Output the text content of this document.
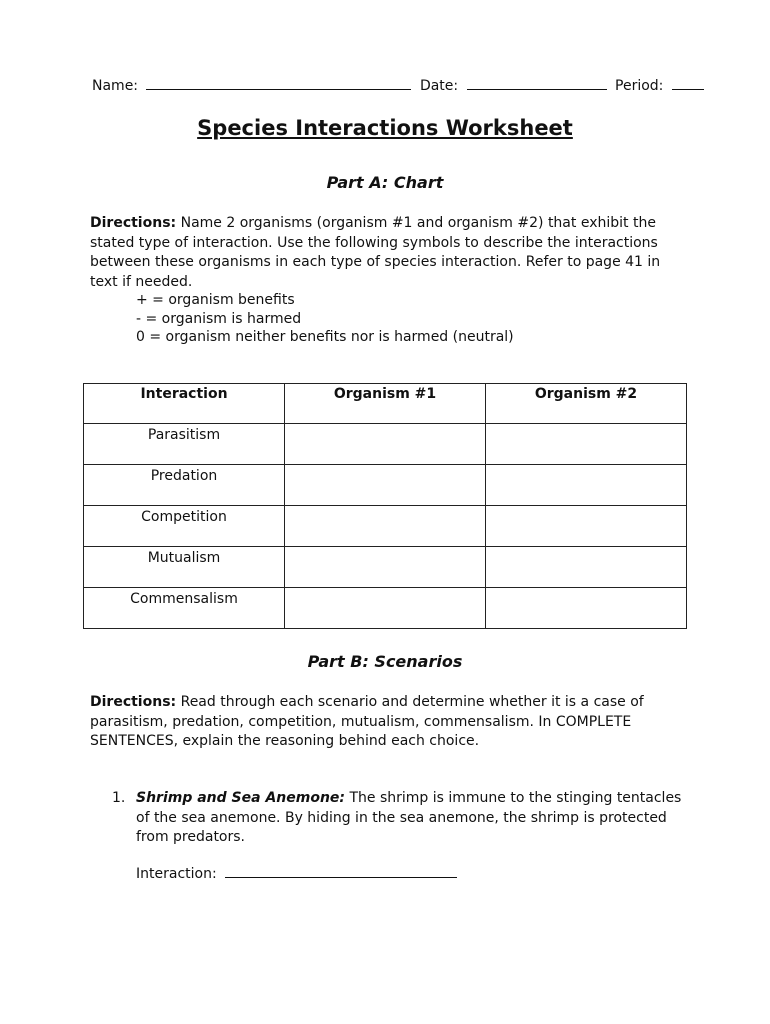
Name:	Date:	Period:
Species Interactions Worksheet
Part A: Chart
Directions: Name 2 organisms (organism #1 and organism #2) that exhibit the stated type of interaction. Use the following symbols to describe the interactions between these organisms in each type of species interaction. Refer to page 41 in text if needed.
+ = organism benefits
- = organism is harmed
0 = organism neither benefits nor is harmed (neutral)
Interaction	Organism #1	Organism #2
Parasitism		
Predation		
Competition		
Mutualism		
Commensalism		
Part B: Scenarios
Directions: Read through each scenario and determine whether it is a case of parasitism, predation, competition, mutualism, commensalism. In COMPLETE SENTENCES, explain the reasoning behind each choice.
1. Shrimp and Sea Anemone: The shrimp is immune to the stinging tentacles of the sea anemone. By hiding in the sea anemone, the shrimp is protected from predators.
Interaction:
